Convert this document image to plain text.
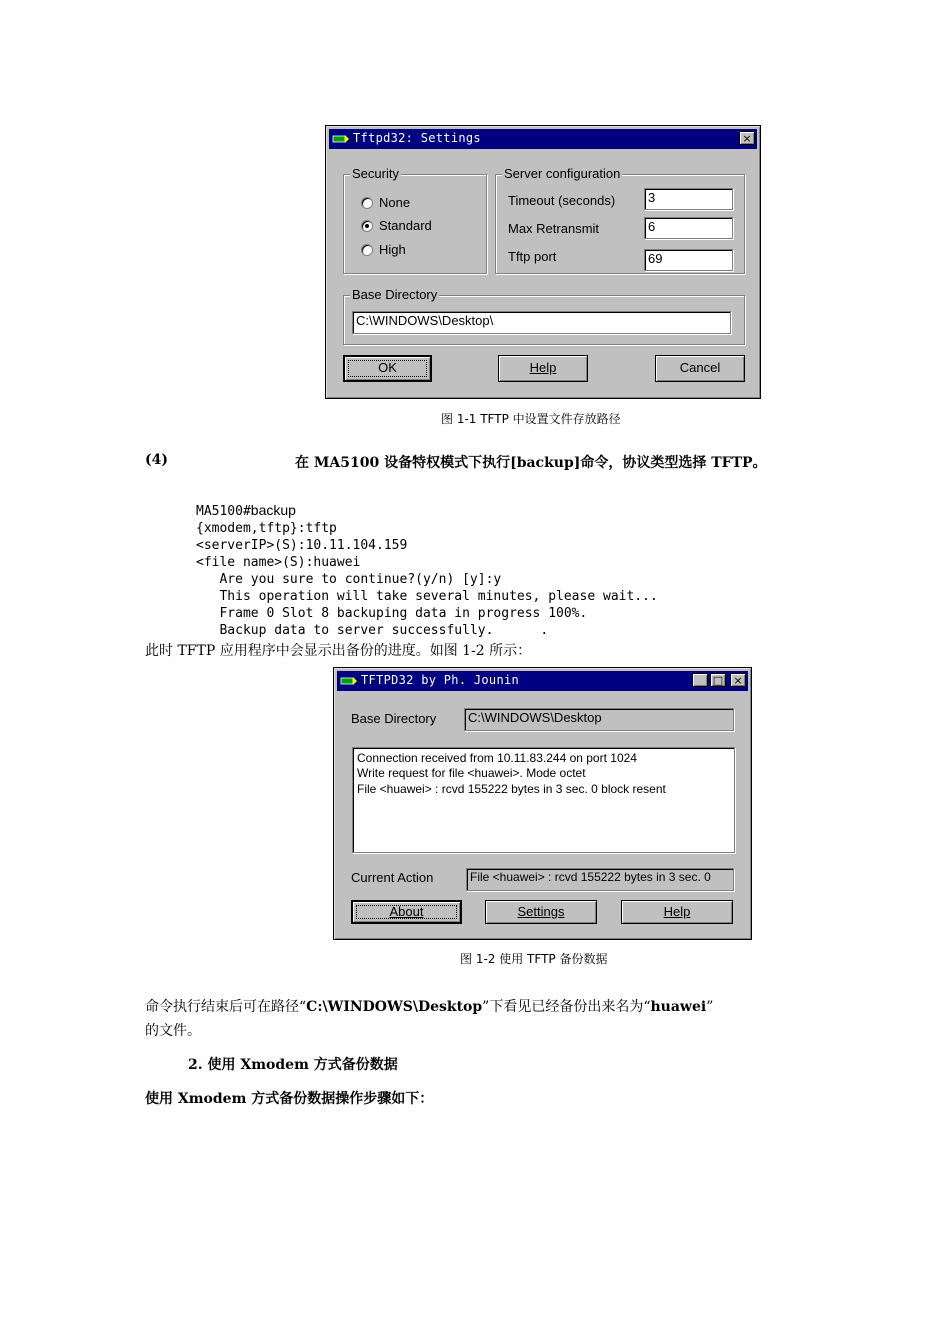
Tftpd32: Settings	×
Security
None
Standard
High
Server configuration
Timeout (seconds)	3
Max Retransmit	6
Tftp port	69
Base Directory
C:\WINDOWS\Desktop\
OK	Help	Cancel
图 1-1 TFTP 中设置文件存放路径
(4)	在 MA5100 设备特权模式下执行[backup]命令，协议类型选择 TFTP。
MA5100#backup
{xmodem,tftp}:tftp
<serverIP>(S):10.11.104.159
<file name>(S):huawei
Are you sure to continue?(y/n) [y]:y
This operation will take several minutes, please wait...
Frame 0 Slot 8 backuping data in progress 100%.
Backup data to server successfully.      .
此时 TFTP 应用程序中会显示出备份的进度。如图 1-2 所示：
TFTPD32 by Ph. Jounin	_ □ ×
Base Directory	C:\WINDOWS\Desktop
Connection received from 10.11.83.244 on port 1024
Write request for file <huawei>. Mode octet
File <huawei> : rcvd 155222 bytes in 3 sec. 0 block resent
Current Action	File <huawei> : rcvd 155222 bytes in 3 sec. 0
About	Settings	Help
图 1-2 使用 TFTP 备份数据
命令执行结束后可在路径“C:\WINDOWS\Desktop”下看见已经备份出来名为“huawei”
的文件。
2. 使用 Xmodem 方式备份数据
使用 Xmodem 方式备份数据操作步骤如下：
